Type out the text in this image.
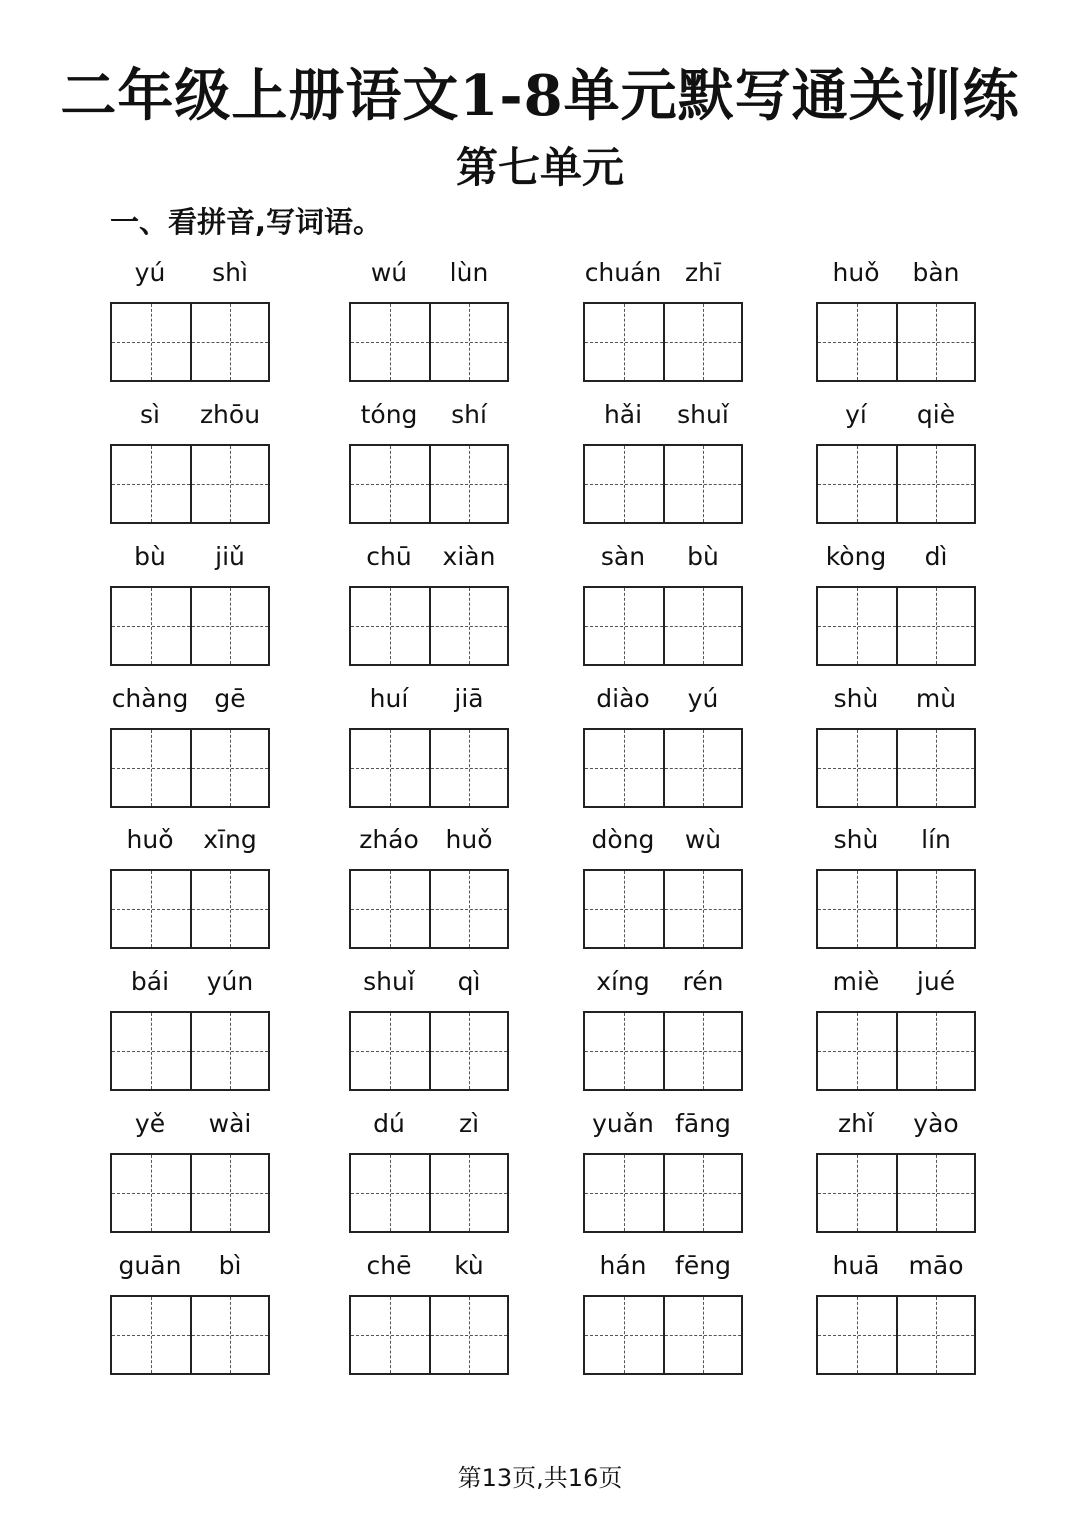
二年级上册语文1-8单元默写通关训练
第七单元
一、看拼音,写词语。
yú	shì	wú	lùn	chuán zhī	huǒ	bàn
sì	zhōu	tóng	shí	hǎi	shuǐ	yí	qiè
bù	jiǔ	chū	xiàn	sàn	bù	kòng	dì
chàng	gē	huí	jiā	diào	yú	shù	mù
huǒ	xīng	zháo	huǒ	dòng	wù	shù	lín
bái	yún	shuǐ	qì	xíng	rén	miè	jué
yě	wài	dú	zì	yuǎn fāng	zhǐ	yào
guān	bì	chē	kù	hán	fēng	huā	māo
第13页,共16页
